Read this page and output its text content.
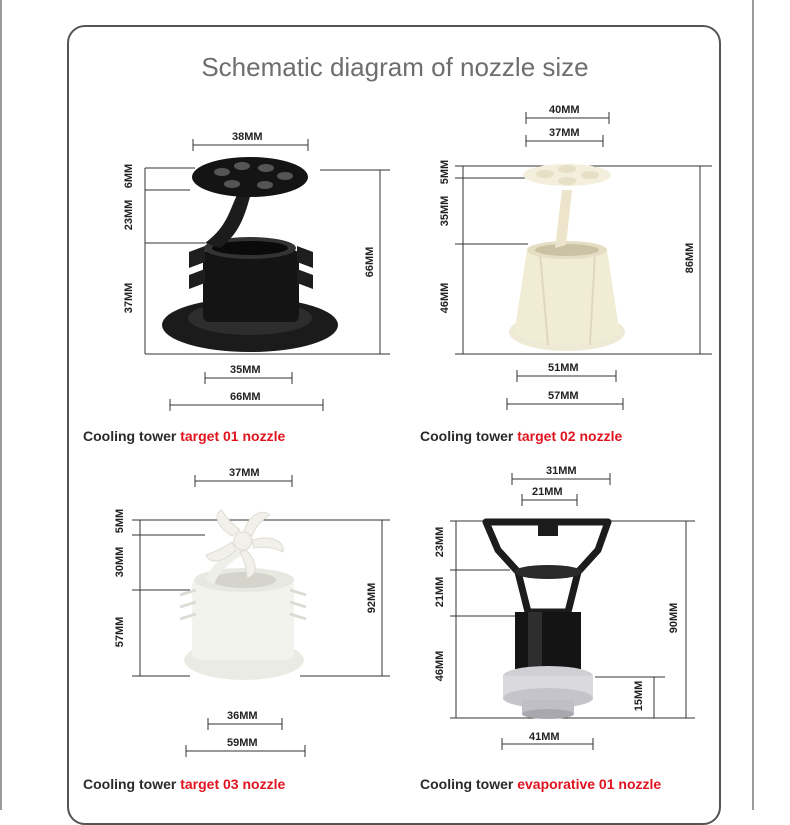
Schematic diagram of nozzle size
38MM
6MM
23MM
37MM
66MM
35MM
66MM
40MM
37MM
5MM
35MM
46MM
86MM
51MM
57MM
37MM
5MM
30MM
57MM
92MM
36MM
59MM
31MM
21MM
23MM
21MM
46MM
90MM
15MM
41MM
Cooling tower target 01 nozzle	Cooling tower target 02 nozzle
Cooling tower target 03 nozzle	Cooling tower evaporative 01 nozzle
